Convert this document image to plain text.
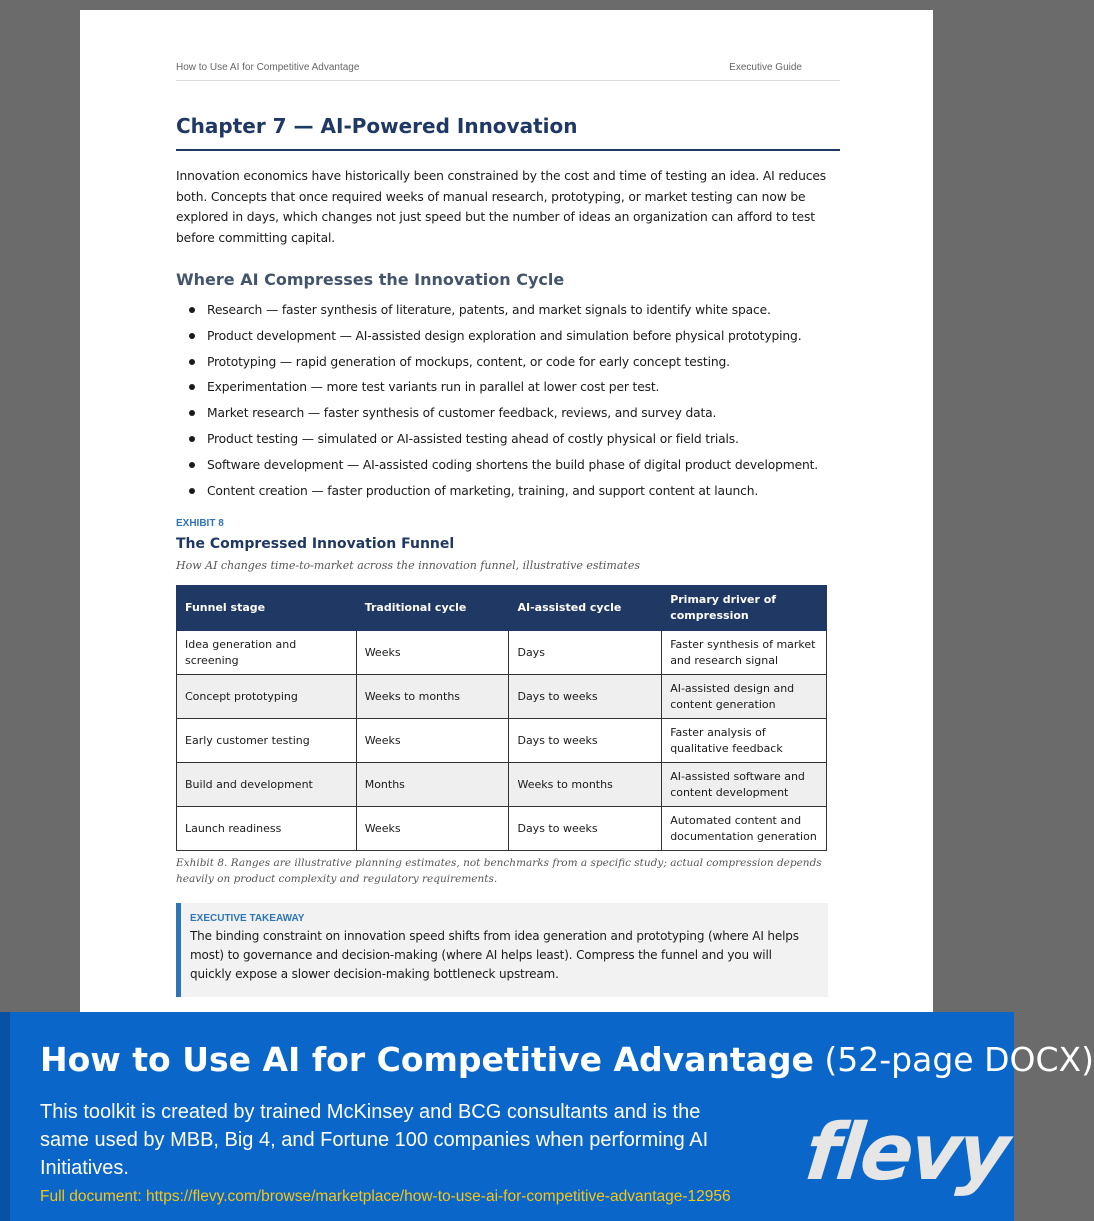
How to Use AI for Competitive Advantage	Executive Guide
Chapter 7 — AI-Powered Innovation

Innovation economics have historically been constrained by the cost and time of testing an idea. AI reduces both. Concepts that once required weeks of manual research, prototyping, or market testing can now be explored in days, which changes not just speed but the number of ideas an organization can afford to test before committing capital.

Where AI Compresses the Innovation Cycle
Research — faster synthesis of literature, patents, and market signals to identify white space.
Product development — AI-assisted design exploration and simulation before physical prototyping.
Prototyping — rapid generation of mockups, content, or code for early concept testing.
Experimentation — more test variants run in parallel at lower cost per test.
Market research — faster synthesis of customer feedback, reviews, and survey data.
Product testing — simulated or AI-assisted testing ahead of costly physical or field trials.
Software development — AI-assisted coding shortens the build phase of digital product development.
Content creation — faster production of marketing, training, and support content at launch.
EXHIBIT 8
The Compressed Innovation Funnel
How AI changes time-to-market across the innovation funnel, illustrative estimates
Funnel stage	Traditional cycle	AI-assisted cycle	Primary driver of compression
Idea generation and screening	Weeks	Days	Faster synthesis of market and research signal
Concept prototyping	Weeks to months	Days to weeks	AI-assisted design and content generation
Early customer testing	Weeks	Days to weeks	Faster analysis of qualitative feedback
Build and development	Months	Weeks to months	AI-assisted software and content development
Launch readiness	Weeks	Days to weeks	Automated content and documentation generation
Exhibit 8. Ranges are illustrative planning estimates, not benchmarks from a specific study; actual compression depends heavily on product complexity and regulatory requirements.
EXECUTIVE TAKEAWAY
The binding constraint on innovation speed shifts from idea generation and prototyping (where AI helps most) to governance and decision-making (where AI helps least). Compress the funnel and you will quickly expose a slower decision-making bottleneck upstream.
How to Use AI for Competitive Advantage (52-page DOCX)
This toolkit is created by trained McKinsey and BCG consultants and is the same used by MBB, Big 4, and Fortune 100 companies when performing AI Initiatives.
Full document: https://flevy.com/browse/marketplace/how-to-use-ai-for-competitive-advantage-12956 flevy
